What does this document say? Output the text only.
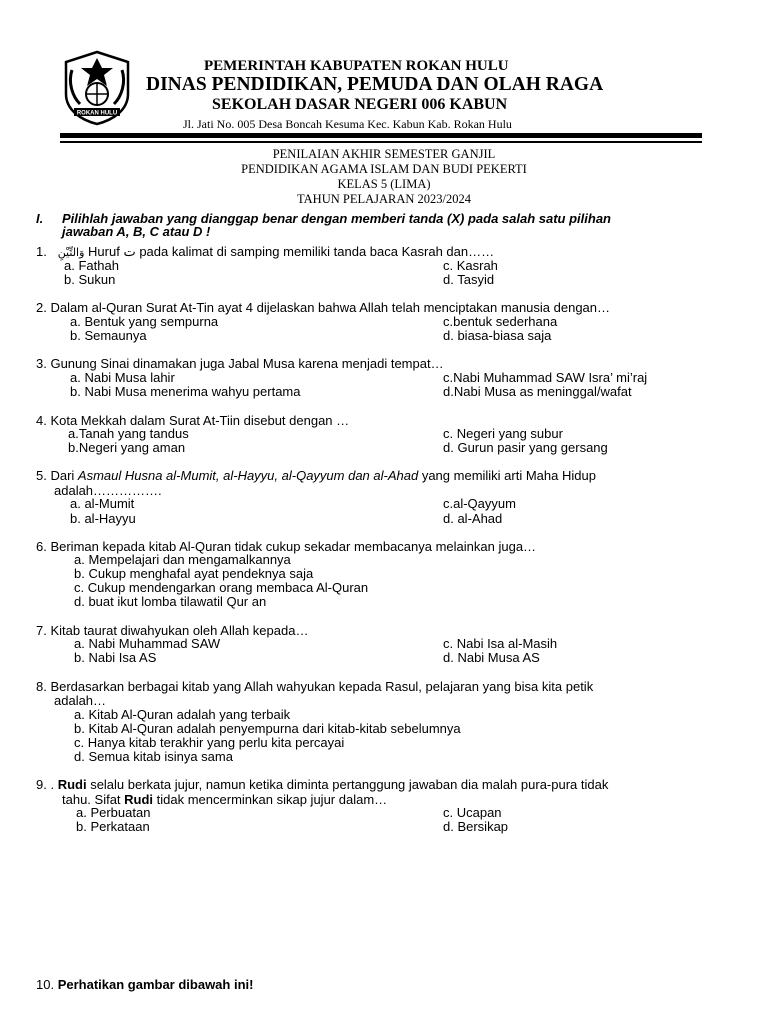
ROKAN HULU
PEMERINTAH KABUPATEN ROKAN HULU
DINAS PENDIDIKAN, PEMUDA DAN OLAH RAGA
SEKOLAH DASAR NEGERI 006 KABUN
Jl. Jati No. 005 Desa Boncah Kesuma Kec. Kabun Kab. Rokan Hulu
PENILAIAN AKHIR SEMESTER GANJIL
PENDIDIKAN AGAMA ISLAM DAN BUDI PEKERTI
KELAS 5 (LIMA)
TAHUN PELAJARAN 2023/2024
I. Pilihlah jawaban yang dianggap benar dengan memberi tanda (X) pada salah satu pilihan
jawaban A, B, C atau D !
1. وَالتِّيْنِ Huruf ت pada kalimat di samping memiliki tanda baca Kasrah dan……
a. Fathah
b. Sukun
c. Kasrah
d. Tasyid
2. Dalam al-Quran Surat At-Tin ayat 4 dijelaskan bahwa Allah telah menciptakan manusia dengan…
a. Bentuk yang sempurna
b. Semaunya
c.bentuk sederhana
d. biasa-biasa saja
3. Gunung Sinai dinamakan juga Jabal Musa karena menjadi tempat…
a. Nabi Musa lahir
b. Nabi Musa menerima wahyu pertama
c.Nabi Muhammad SAW Isra’ mi’raj
d.Nabi Musa as meninggal/wafat
4. Kota Mekkah dalam Surat At-Tiin disebut dengan …
a.Tanah yang tandus
b.Negeri yang aman
c. Negeri yang subur
d. Gurun pasir yang gersang
5. Dari Asmaul Husna al-Mumit, al-Hayyu, al-Qayyum dan al-Ahad yang memiliki arti Maha Hidup
adalah…………….
a. al-Mumit
b. al-Hayyu
c.al-Qayyum
d. al-Ahad
6. Beriman kepada kitab Al-Quran tidak cukup sekadar membacanya melainkan juga…
a. Mempelajari dan mengamalkannya
b. Cukup menghafal ayat pendeknya saja
c. Cukup mendengarkan orang membaca Al-Quran
d. buat ikut lomba tilawatil Qur an
7. Kitab taurat diwahyukan oleh Allah kepada…
a. Nabi Muhammad SAW
b. Nabi Isa AS
c. Nabi Isa al-Masih
d. Nabi Musa AS
8. Berdasarkan berbagai kitab yang Allah wahyukan kepada Rasul, pelajaran yang bisa kita petik
adalah…
a. Kitab Al-Quran adalah yang terbaik
b. Kitab Al-Quran adalah penyempurna dari kitab-kitab sebelumnya
c. Hanya kitab terakhir yang perlu kita percayai
d. Semua kitab isinya sama
9. . Rudi selalu berkata jujur, namun ketika diminta pertanggung jawaban dia malah pura-pura tidak
tahu. Sifat Rudi tidak mencerminkan sikap jujur dalam…
a. Perbuatan
b. Perkataan
c. Ucapan
d. Bersikap
10. Perhatikan gambar dibawah ini!
